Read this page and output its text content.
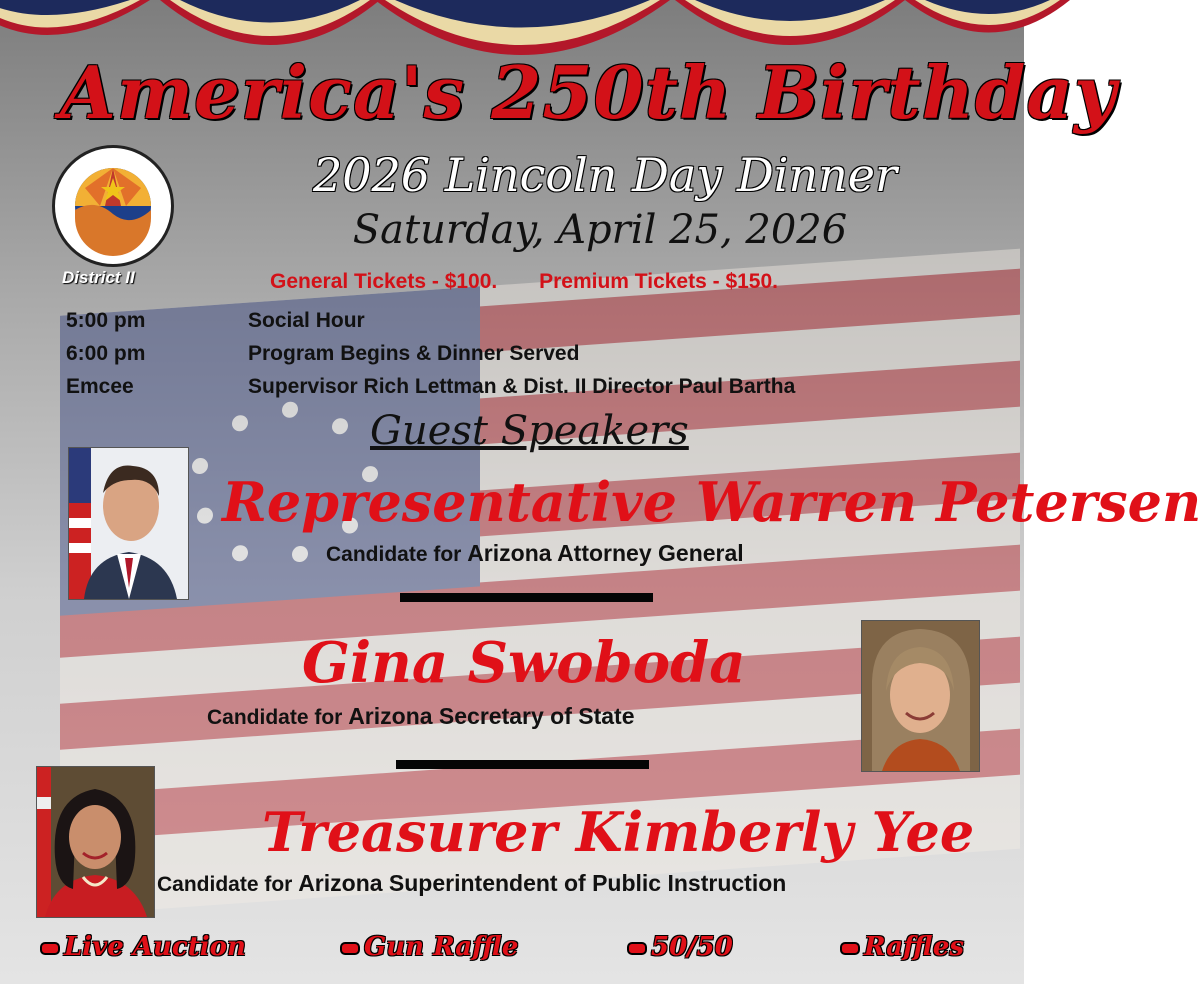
America's 250th Birthday
2026 Lincoln Day Dinner
Saturday, April 25, 2026
District II	General Tickets - $100. Premium Tickets - $150.
5:00 pm	Social Hour
6:00 pm	Program Begins & Dinner Served
Emcee	Supervisor Rich Lettman & Dist. II Director Paul Bartha
Guest Speakers
Representative Warren Petersen
Candidate for Arizona Attorney General
Gina Swoboda
Candidate for Arizona Secretary of State
Treasurer Kimberly Yee
Candidate for Arizona Superintendent of Public Instruction
Live Auction	Gun Raffle	50/50	Raffles
